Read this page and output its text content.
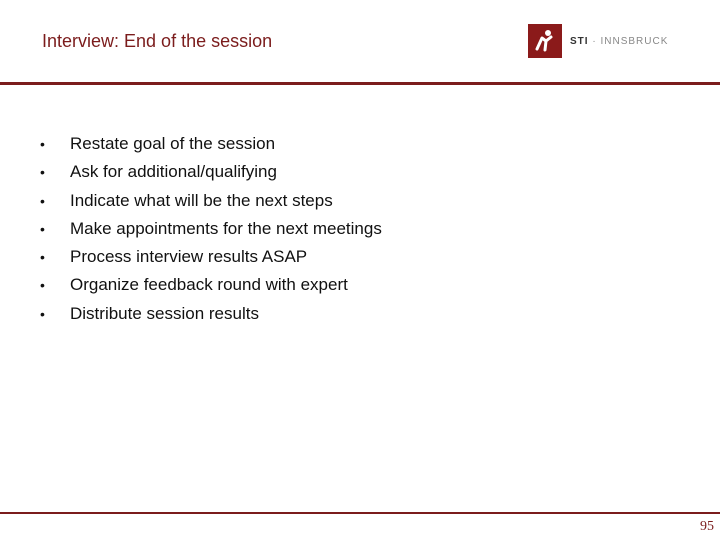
Interview: End of the session	STI · INNSBRUCK
•	Restate goal of the session
•	Ask for additional/qualifying
•	Indicate what will be the next steps
•	Make appointments for the next meetings
•	Process interview results ASAP
•	Organize feedback round with expert
•	Distribute session results
95
